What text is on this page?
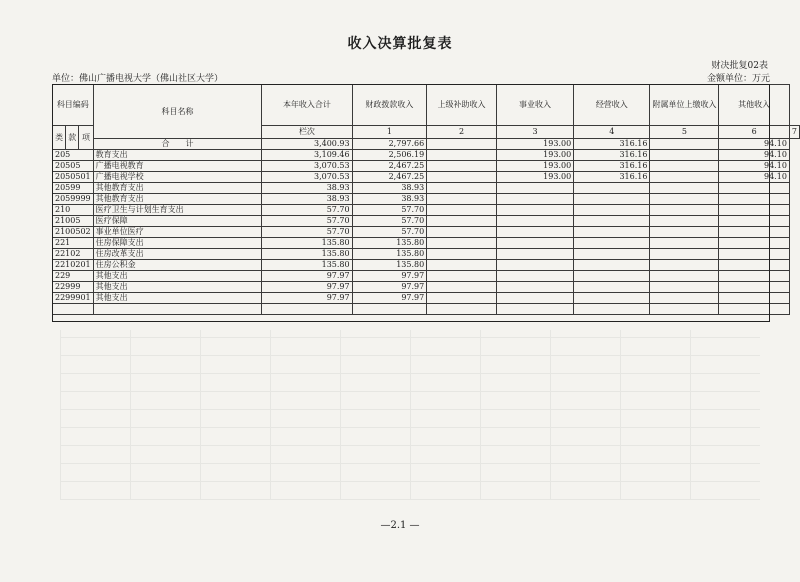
收入决算批复表
财决批复02表
单位：佛山广播电视大学（佛山社区大学）	金额单位：万元
科目编码			科目名称	本年收入合计	财政拨款收入	上级补助收入	事业收入	经营收入	附属单位上缴收入	其他收入	
类	款	项		栏次	1	2	3	4	5	6	7
			合　　计	3,400.93	2,797.66		193.00	316.16		94.10	
205			教育支出	3,109.46	2,506.19		193.00	316.16		94.10	
20505			广播电视教育	3,070.53	2,467.25		193.00	316.16		94.10	
2050501			广播电视学校	3,070.53	2,467.25		193.00	316.16		94.10	
20599			其他教育支出	38.93	38.93						
2059999			其他教育支出	38.93	38.93						
210			医疗卫生与计划生育支出	57.70	57.70						
21005			医疗保障	57.70	57.70						
2100502			事业单位医疗	57.70	57.70						
221			住房保障支出	135.80	135.80						
22102			住房改革支出	135.80	135.80						
2210201			住房公积金	135.80	135.80						
229			其他支出	97.97	97.97						
22999			其他支出	97.97	97.97						
2299901			其他支出	97.97	97.97						

—2.1 —
